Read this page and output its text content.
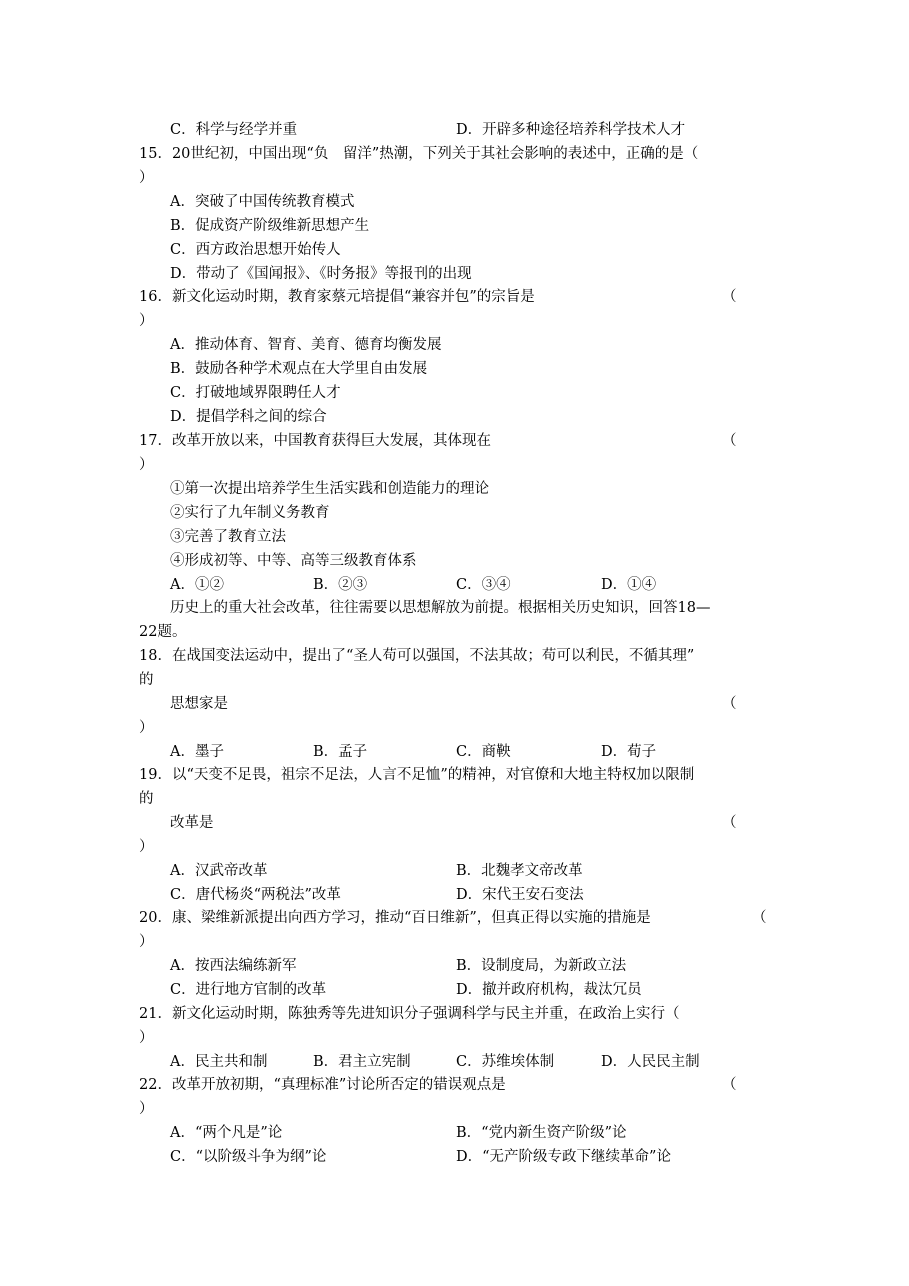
C．科学与经学并重	D．开辟多种途径培养科学技术人才
15．20世纪初，中国出现“负　留洋”热潮，下列关于其社会影响的表述中，正确的是（
）
A．突破了中国传统教育模式
B．促成资产阶级维新思想产生
C．西方政治思想开始传人
D．带动了《国闻报》、《时务报》等报刊的出现
16．新文化运动时期，教育家蔡元培提倡“兼容并包”的宗旨是	（
）
A．推动体育、智育、美育、德育均衡发展
B．鼓励各种学术观点在大学里自由发展
C．打破地域界限聘任人才
D．提倡学科之间的综合
17．改革开放以来，中国教育获得巨大发展，其体现在	（
）
①第一次提出培养学生生活实践和创造能力的理论
②实行了九年制义务教育
③完善了教育立法
④形成初等、中等、高等三级教育体系
A．①②	B．②③	C．③④	D．①④
历史上的重大社会改革，往往需要以思想解放为前提。根据相关历史知识，回答18—
22题。
18．在战国变法运动中，提出了“圣人苟可以强国，不法其故；苟可以利民，不循其理”
的
思想家是	（
）
A．墨子	B．孟子	C．商鞅	D．荀子
19．以“天变不足畏，祖宗不足法，人言不足恤”的精神，对官僚和大地主特权加以限制
的
改革是	（
）
A．汉武帝改革	B．北魏孝文帝改革
C．唐代杨炎“两税法”改革	D．宋代王安石变法
20．康、梁维新派提出向西方学习，推动“百日维新”，但真正得以实施的措施是	（
）
A．按西法编练新军	B．设制度局，为新政立法
C．进行地方官制的改革	D．撤并政府机构，裁汰冗员
21．新文化运动时期，陈独秀等先进知识分子强调科学与民主并重，在政治上实行（
）
A．民主共和制	B．君主立宪制	C．苏维埃体制	D．人民民主制
22．改革开放初期，“真理标准”讨论所否定的错误观点是	（
）
A．“两个凡是”论	B．“党内新生资产阶级”论
C．“以阶级斗争为纲”论	D．“无产阶级专政下继续革命”论
